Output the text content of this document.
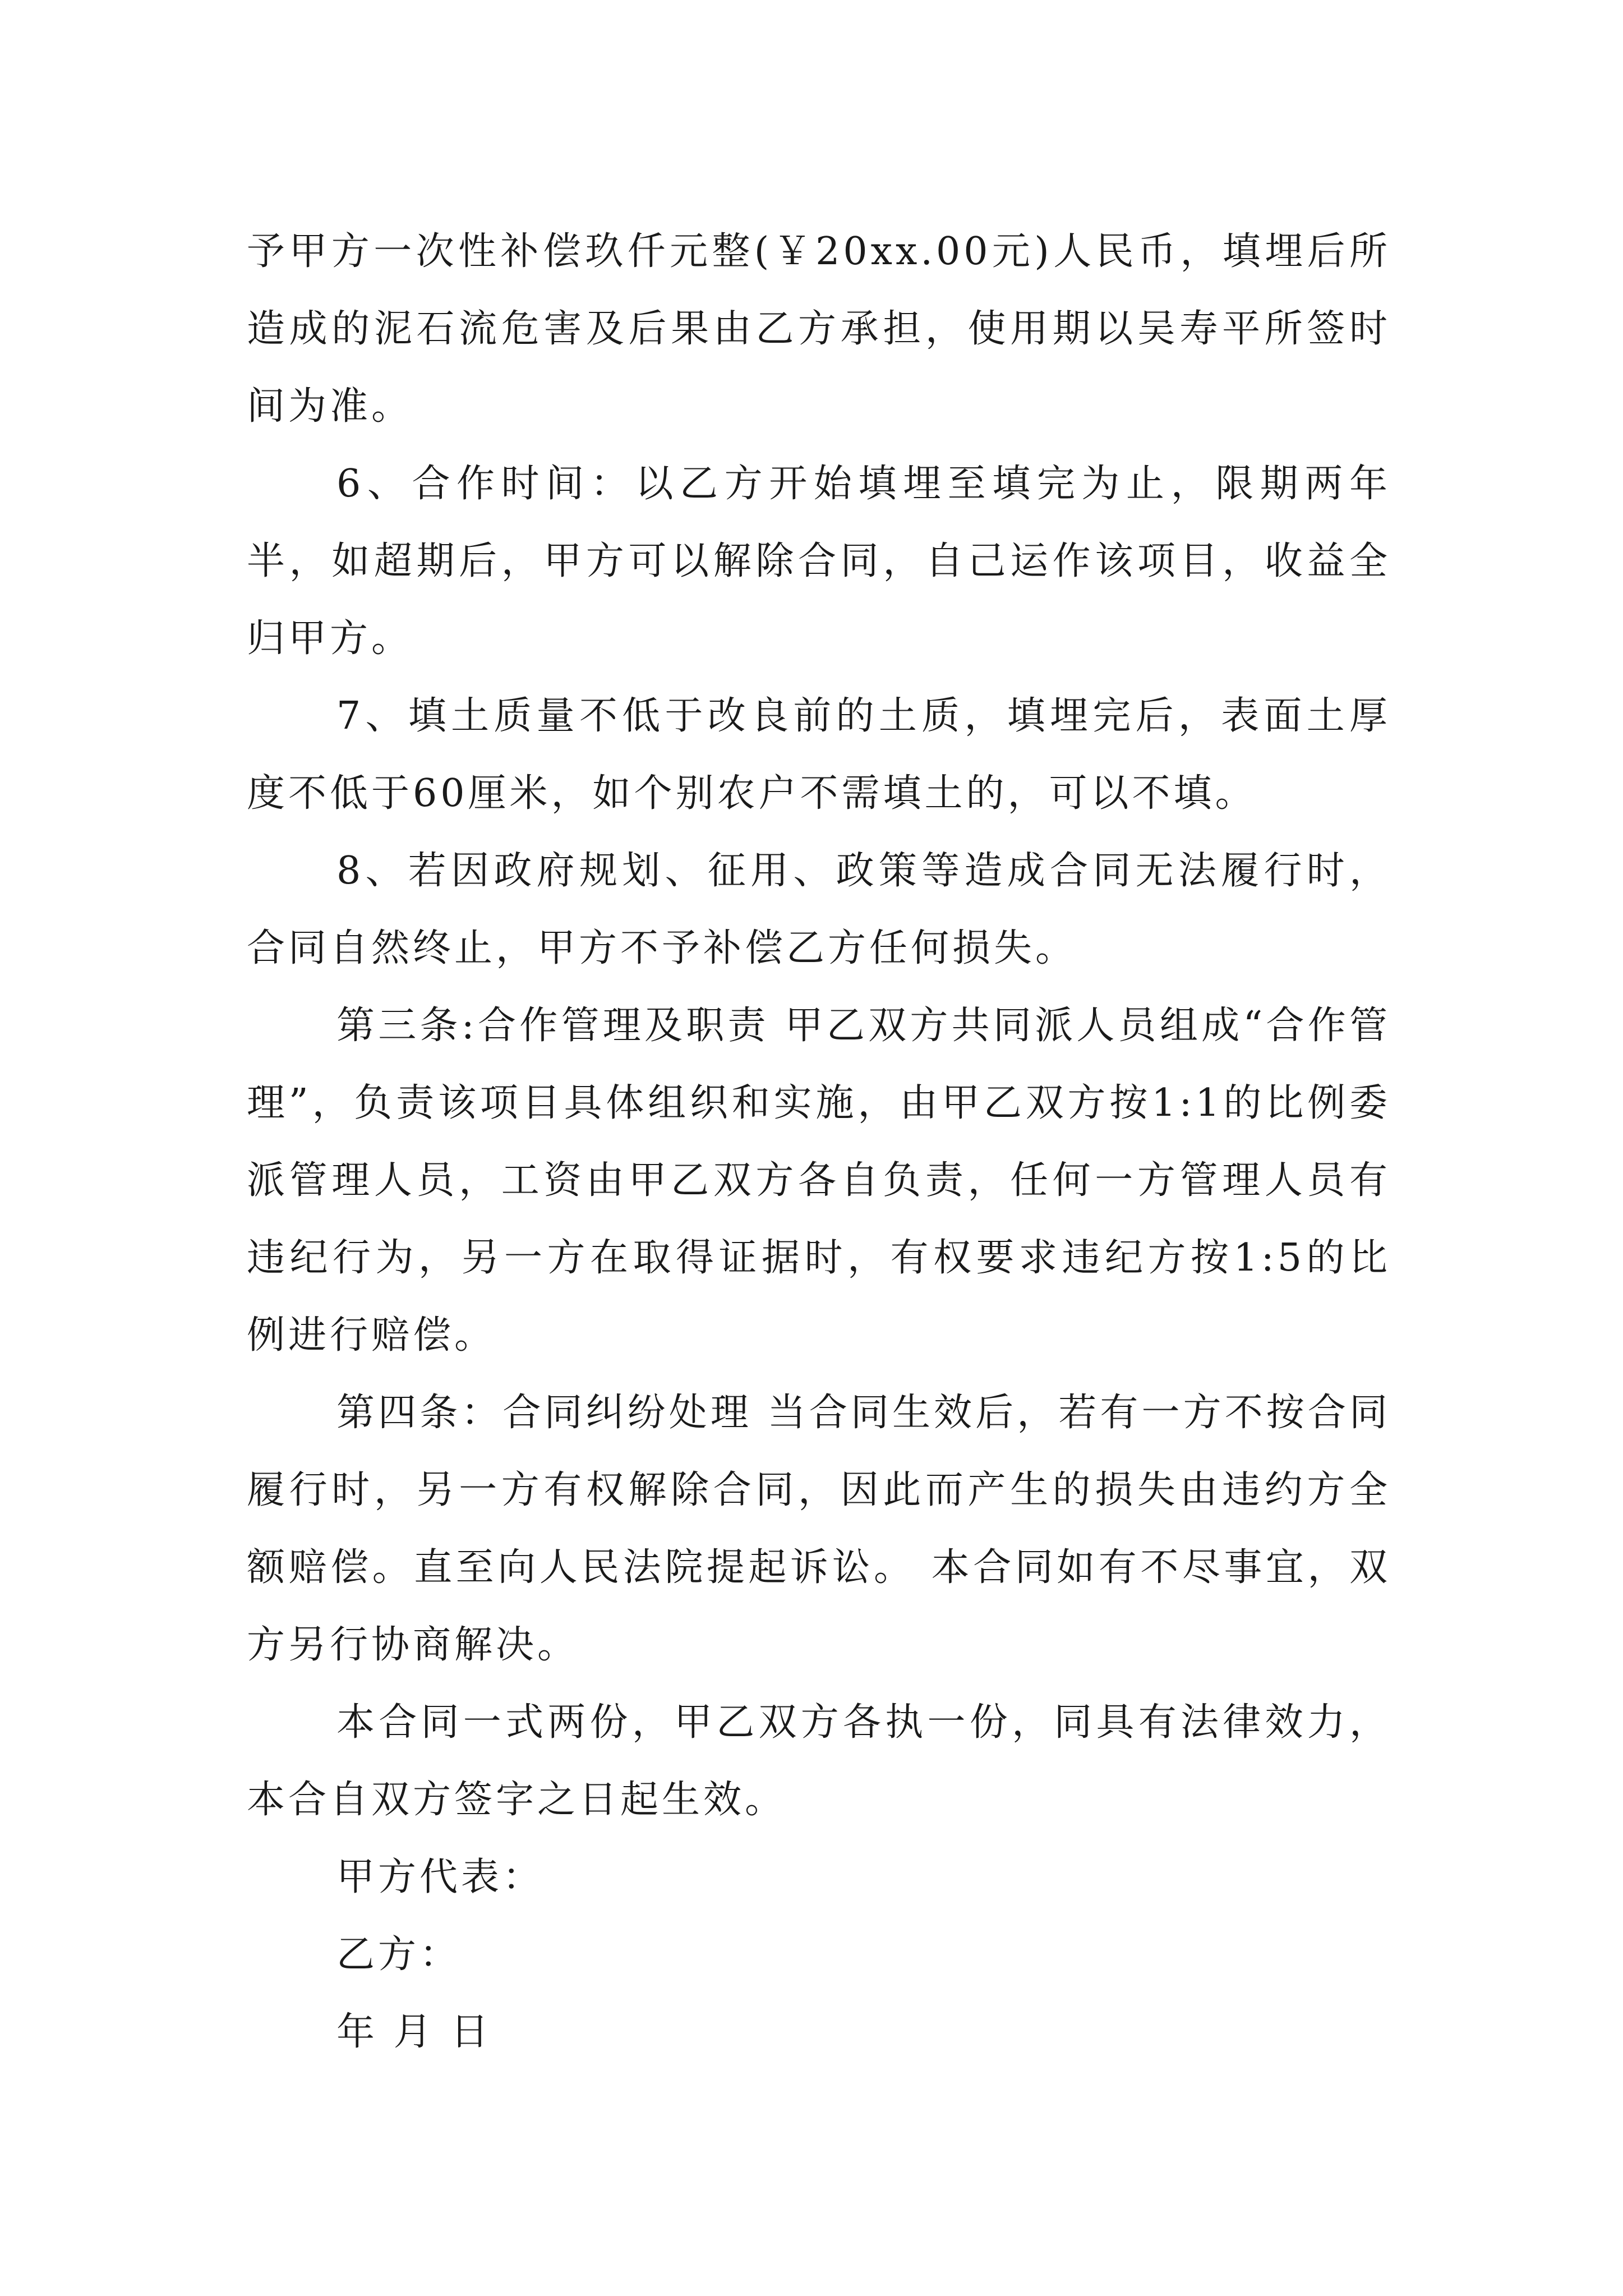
予甲方一次性补偿玖仟元整(￥20xx.00元)人民币，填埋后所造成的泥石流危害及后果由乙方承担，使用期以吴寿平所签时间为准。

6、合作时间：以乙方开始填埋至填完为止，限期两年半，如超期后，甲方可以解除合同，自己运作该项目，收益全归甲方。

7、填土质量不低于改良前的土质，填埋完后，表面土厚度不低于60厘米，如个别农户不需填土的，可以不填。

8、若因政府规划、征用、政策等造成合同无法履行时，合同自然终止，甲方不予补偿乙方任何损失。

第三条:合作管理及职责 甲乙双方共同派人员组成“合作管理”，负责该项目具体组织和实施，由甲乙双方按1:1的比例委派管理人员，工资由甲乙双方各自负责，任何一方管理人员有违纪行为，另一方在取得证据时，有权要求违纪方按1:5的比例进行赔偿。

第四条：合同纠纷处理 当合同生效后，若有一方不按合同履行时，另一方有权解除合同，因此而产生的损失由违约方全额赔偿。直至向人民法院提起诉讼。 本合同如有不尽事宜，双方另行协商解决。

本合同一式两份，甲乙双方各执一份，同具有法律效力，本合自双方签字之日起生效。

甲方代表：

乙方：

年 月 日
